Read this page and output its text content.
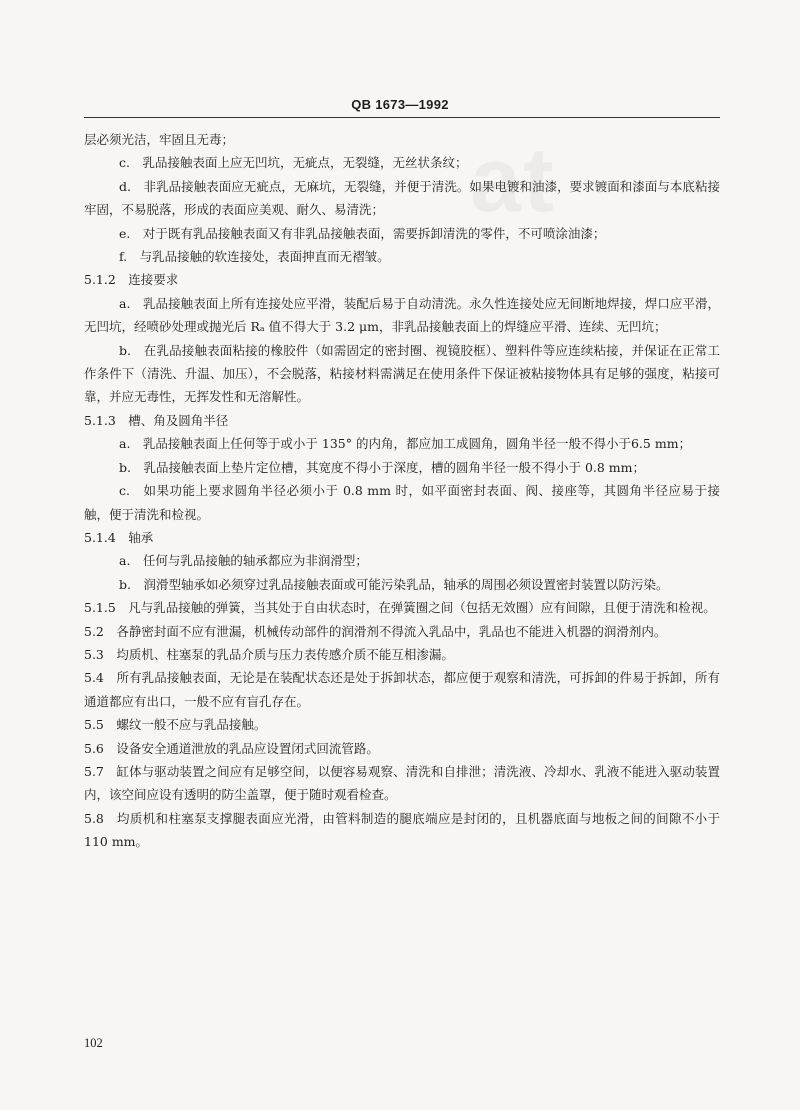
at
QB 1673—1992

层必须光洁，牢固且无毒；

c.　乳品接触表面上应无凹坑，无疵点，无裂缝，无丝状条纹；

d.　非乳品接触表面应无疵点，无麻坑，无裂缝，并便于清洗。如果电镀和油漆，要求镀面和漆面与本底粘接牢固，不易脱落，形成的表面应美观、耐久、易清洗；

e.　对于既有乳品接触表面又有非乳品接触表面，需要拆卸清洗的零件，不可喷涂油漆；

f.　与乳品接触的软连接处，表面抻直而无褶皱。

5.1.2　连接要求

a.　乳品接触表面上所有连接处应平滑，装配后易于自动清洗。永久性连接处应无间断地焊接，焊口应平滑，无凹坑，经喷砂处理或抛光后 Rₐ 值不得大于 3.2 μm，非乳品接触表面上的焊缝应平滑、连续、无凹坑；

b.　在乳品接触表面粘接的橡胶件（如需固定的密封圈、视镜胶框）、塑料件等应连续粘接，并保证在正常工作条件下（清洗、升温、加压），不会脱落，粘接材料需满足在使用条件下保证被粘接物体具有足够的强度，粘接可靠，并应无毒性，无挥发性和无溶解性。

5.1.3　槽、角及圆角半径

a.　乳品接触表面上任何等于或小于 135° 的内角，都应加工成圆角，圆角半径一般不得小于6.5 mm；

b.　乳品接触表面上垫片定位槽，其宽度不得小于深度，槽的圆角半径一般不得小于 0.8 mm；

c.　如果功能上要求圆角半径必须小于 0.8 mm 时，如平面密封表面、阀、接座等，其圆角半径应易于接触，便于清洗和检视。

5.1.4　轴承

a.　任何与乳品接触的轴承都应为非润滑型；

b.　润滑型轴承如必须穿过乳品接触表面或可能污染乳品，轴承的周围必须设置密封装置以防污染。

5.1.5　凡与乳品接触的弹簧，当其处于自由状态时，在弹簧圈之间（包括无效圈）应有间隙，且便于清洗和检视。

5.2　各静密封面不应有泄漏，机械传动部件的润滑剂不得流入乳品中，乳品也不能进入机器的润滑剂内。

5.3　均质机、柱塞泵的乳品介质与压力表传感介质不能互相渗漏。

5.4　所有乳品接触表面，无论是在装配状态还是处于拆卸状态，都应便于观察和清洗，可拆卸的件易于拆卸，所有通道都应有出口，一般不应有盲孔存在。

5.5　螺纹一般不应与乳品接触。

5.6　设备安全通道泄放的乳品应设置闭式回流管路。

5.7　缸体与驱动装置之间应有足够空间，以便容易观察、清洗和自排泄；清洗液、冷却水、乳液不能进入驱动装置内，该空间应设有透明的防尘盖罩，便于随时观看检查。

5.8　均质机和柱塞泵支撑腿表面应光滑，由管料制造的腿底端应是封闭的，且机器底面与地板之间的间隙不小于 110 mm。

102
